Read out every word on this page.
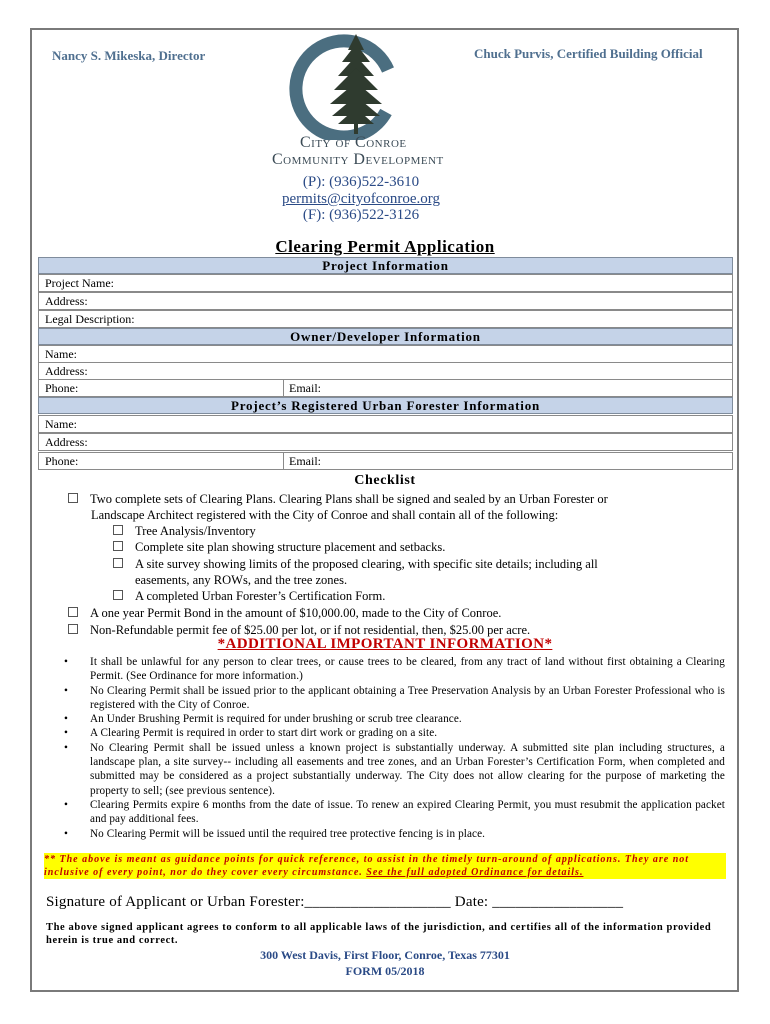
Nancy S. Mikeska, Director	Chuck Purvis, Certified Building Official
City of Conroe
Community Development
(P): (936)522-3610
permits@cityofconroe.org
(F): (936)522-3126
Clearing Permit Application
Project Information
Project Name:
Address:
Legal Description:
Owner/Developer Information
Name:
Address:
Phone:	Email:
Project’s Registered Urban Forester Information
Name:
Address:
Phone:	Email:
Checklist
Two complete sets of Clearing Plans. Clearing Plans shall be signed and sealed by an Urban Forester or
Landscape Architect registered with the City of Conroe and shall contain all of the following:
Tree Analysis/Inventory
Complete site plan showing structure placement and setbacks.
A site survey showing limits of the proposed clearing, with specific site details; including all
easements, any ROWs, and the tree zones.
A completed Urban Forester’s Certification Form.
A one year Permit Bond in the amount of $10,000.00, made to the City of Conroe.
Non-Refundable permit fee of $25.00 per lot, or if not residential, then, $25.00 per acre.
*ADDITIONAL IMPORTANT INFORMATION*
• It shall be unlawful for any person to clear trees, or cause trees to be cleared, from any tract of land without first obtaining a Clearing Permit. (See Ordinance for more information.)
• No Clearing Permit shall be issued prior to the applicant obtaining a Tree Preservation Analysis by an Urban Forester Professional who is registered with the City of Conroe.
• An Under Brushing Permit is required for under brushing or scrub tree clearance.
• A Clearing Permit is required in order to start dirt work or grading on a site.
• No Clearing Permit shall be issued unless a known project is substantially underway. A submitted site plan including structures, a landscape plan, a site survey-- including all easements and tree zones, and an Urban Forester’s Certification Form, when completed and submitted may be considered as a project substantially underway. The City does not allow clearing for the purpose of marketing the property to sell; (see previous sentence).
• Clearing Permits expire 6 months from the date of issue. To renew an expired Clearing Permit, you must resubmit the application packet and pay additional fees.
• No Clearing Permit will be issued until the required tree protective fencing is in place.
** The above is meant as guidance points for quick reference, to assist in the timely turn-around of applications. They are not inclusive of every point, nor do they cover every circumstance. See the full adopted Ordinance for details.
Signature of Applicant or Urban Forester:___________________ Date: _________________
The above signed applicant agrees to conform to all applicable laws of the jurisdiction, and certifies all of the information provided herein is true and correct.
300 West Davis, First Floor, Conroe, Texas 77301
FORM 05/2018
